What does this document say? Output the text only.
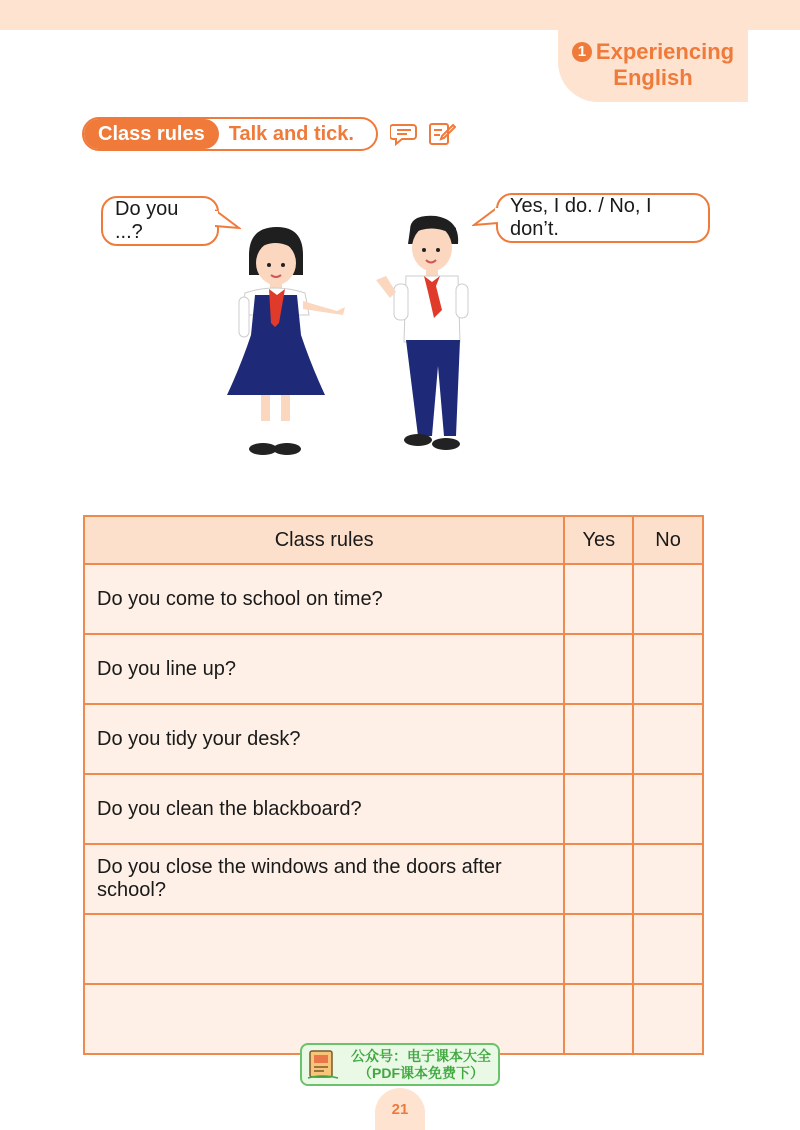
1 Experiencing
English
Class rules	Talk and tick.
Do you ...?
Yes, I do. / No, I don’t.
Class rules	Yes	No
Do you come to school on time?		
Do you line up?		
Do you tidy your desk?		
Do you clean the blackboard?		
Do you close the windows and the doors after school?		

公众号：电子课本大全
（PDF课本免费下）
21
